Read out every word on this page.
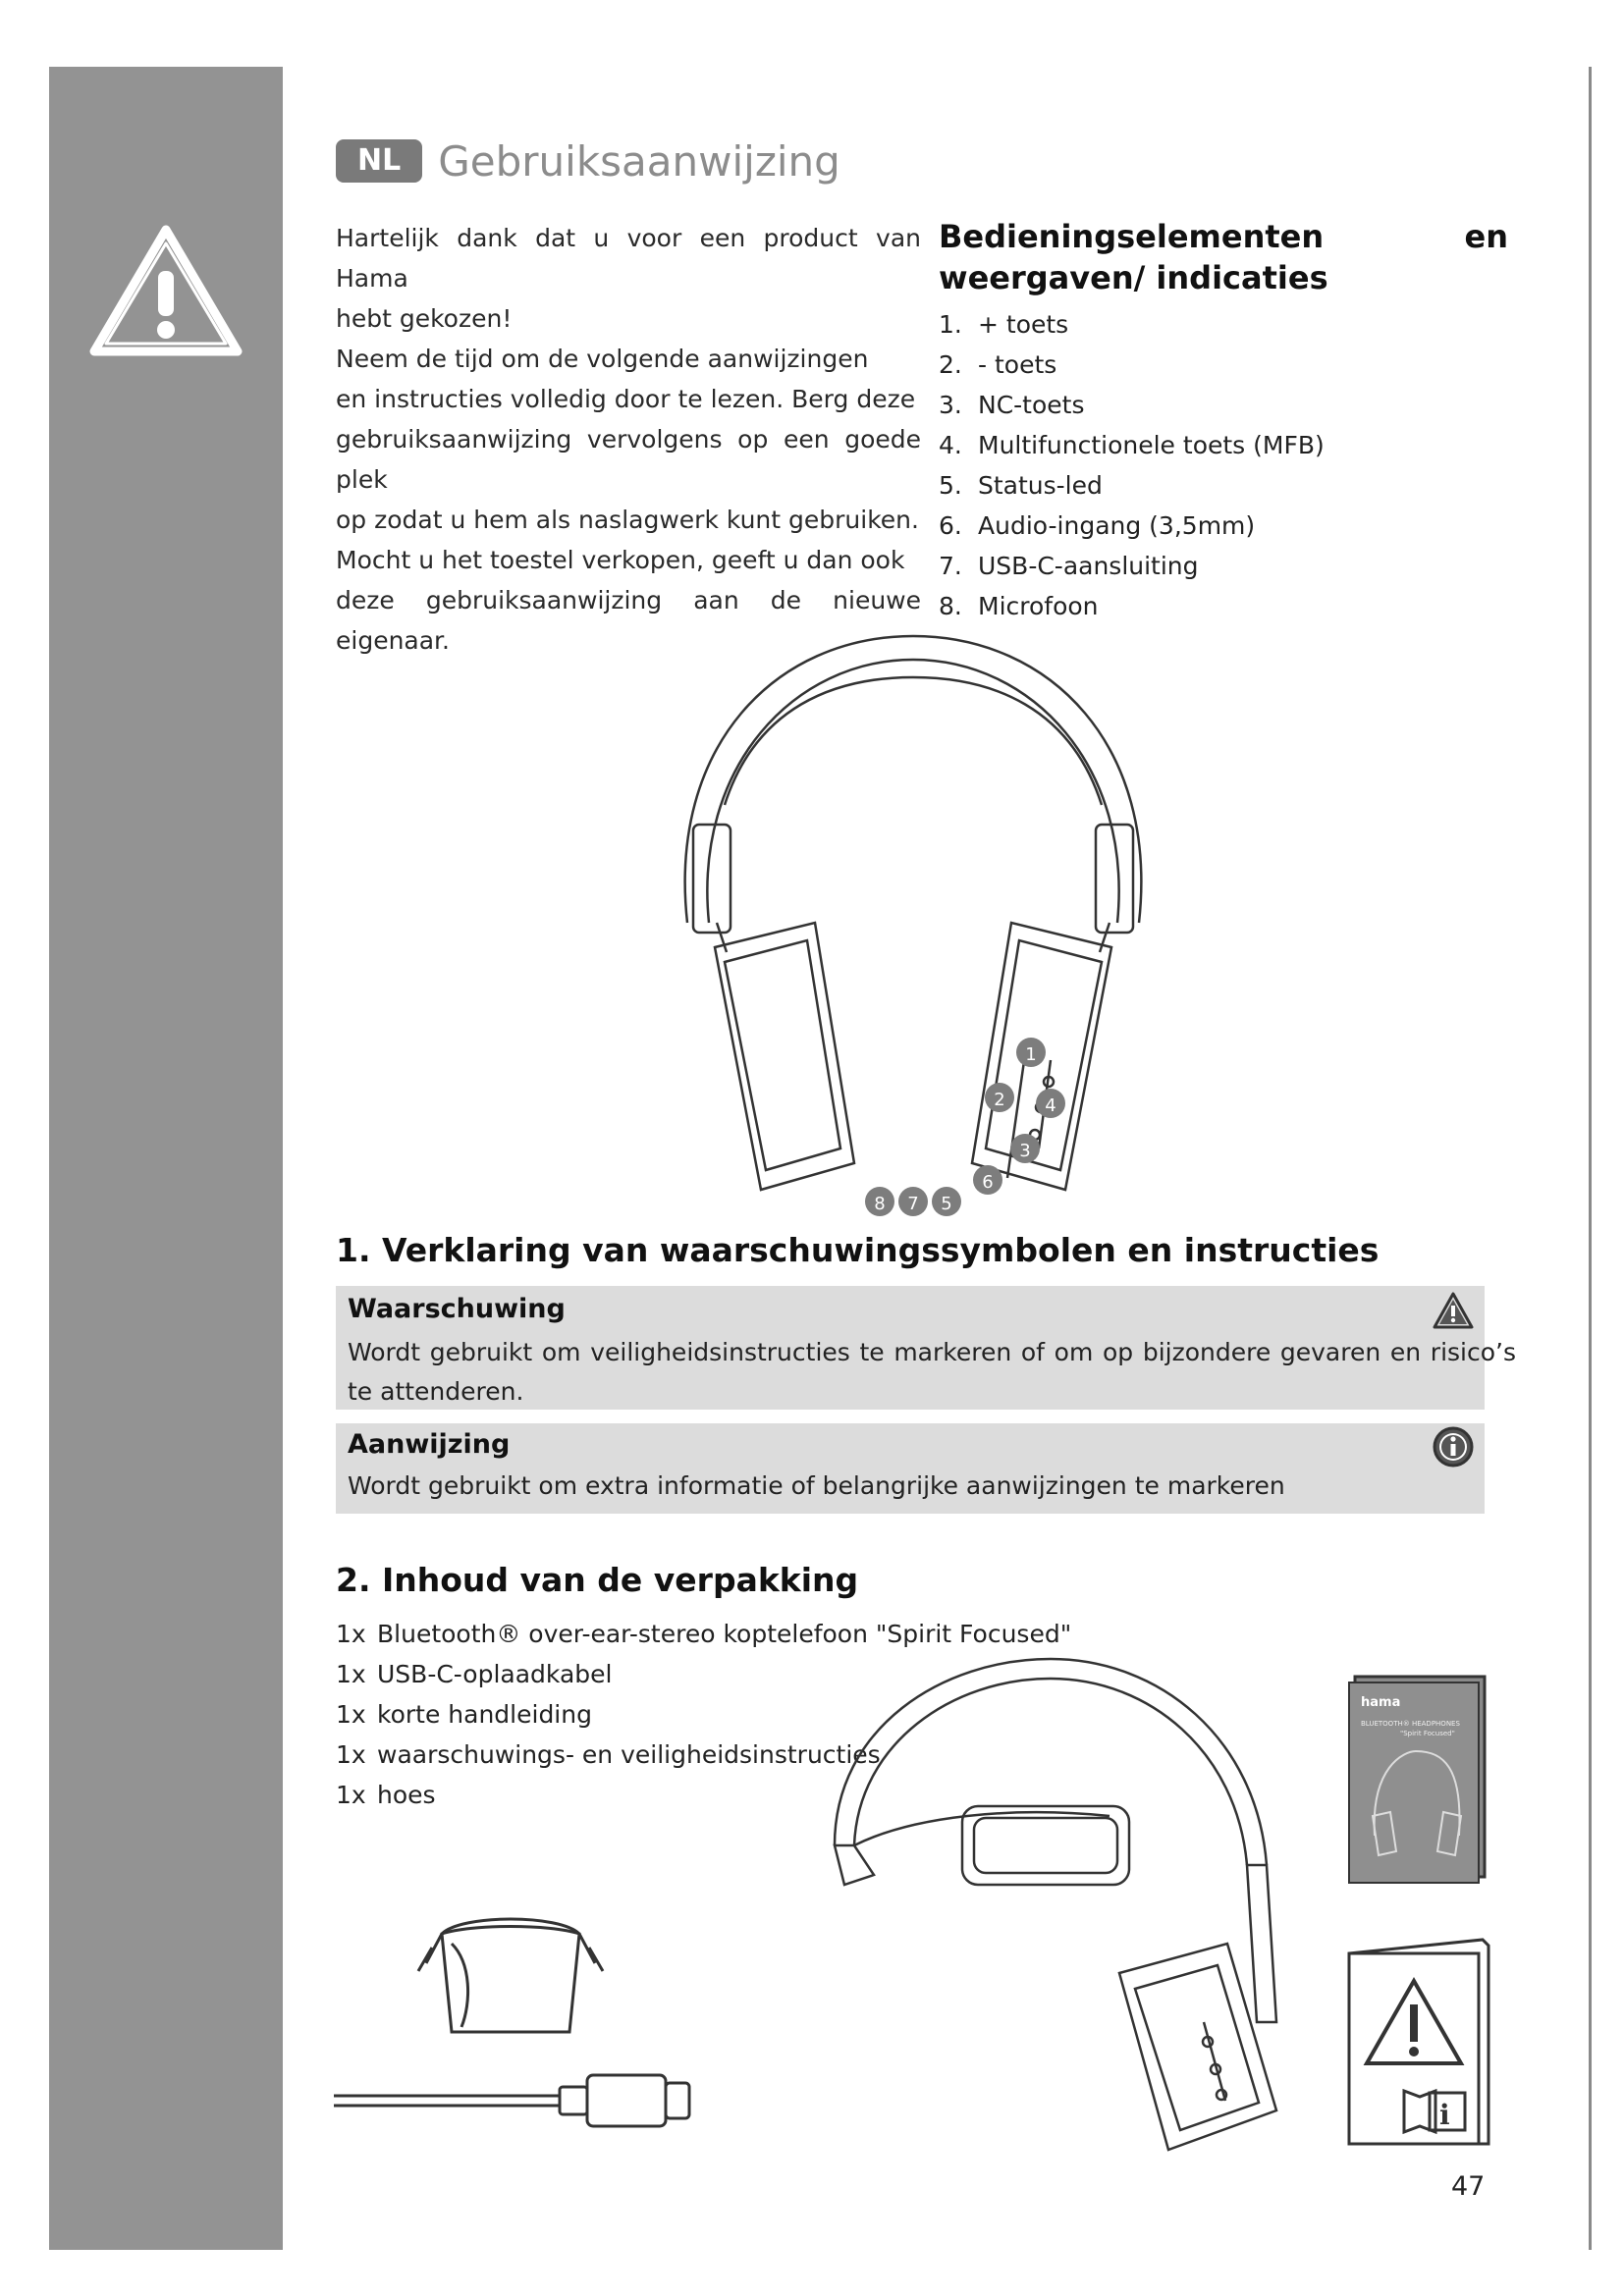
NL Gebruiksaanwijzing

Hartelijk dank dat u voor een product van Hama

hebt gekozen!

Neem de tijd om de volgende aanwijzingen

en instructies volledig door te lezen. Berg deze

gebruiksaanwijzing vervolgens op een goede plek

op zodat u hem als naslagwerk kunt gebruiken.

Mocht u het toestel verkopen, geeft u dan ook

deze gebruiksaanwijzing aan de nieuwe eigenaar.

Bedieningselementen en weergaven/ indicaties
1. + toets
2. - toets
3. NC-toets
4. Multifunctionele toets (MFB)
5. Status-led
6. Audio-ingang (3,5mm)
7. USB-C-aansluiting
8. Microfoon
1
2
3
4
5
6
7
8
1. Verklaring van waarschuwingssymbolen en instructies
Waarschuwing
Wordt gebruikt om veiligheidsinstructies te markeren of om op bijzondere gevaren en risico’s te attenderen.
Aanwijzing
Wordt gebruikt om extra informatie of belangrijke aanwijzingen te markeren
2. Inhoud van de verpakking
1x Bluetooth® over-ear-stereo koptelefoon "Spirit Focused"
1x USB-C-oplaadkabel
1x korte handleiding
1x waarschuwings- en veiligheidsinstructies
1x hoes
hama
BLUETOOTH® HEADPHONES
"Spirit Focused"
i
47
